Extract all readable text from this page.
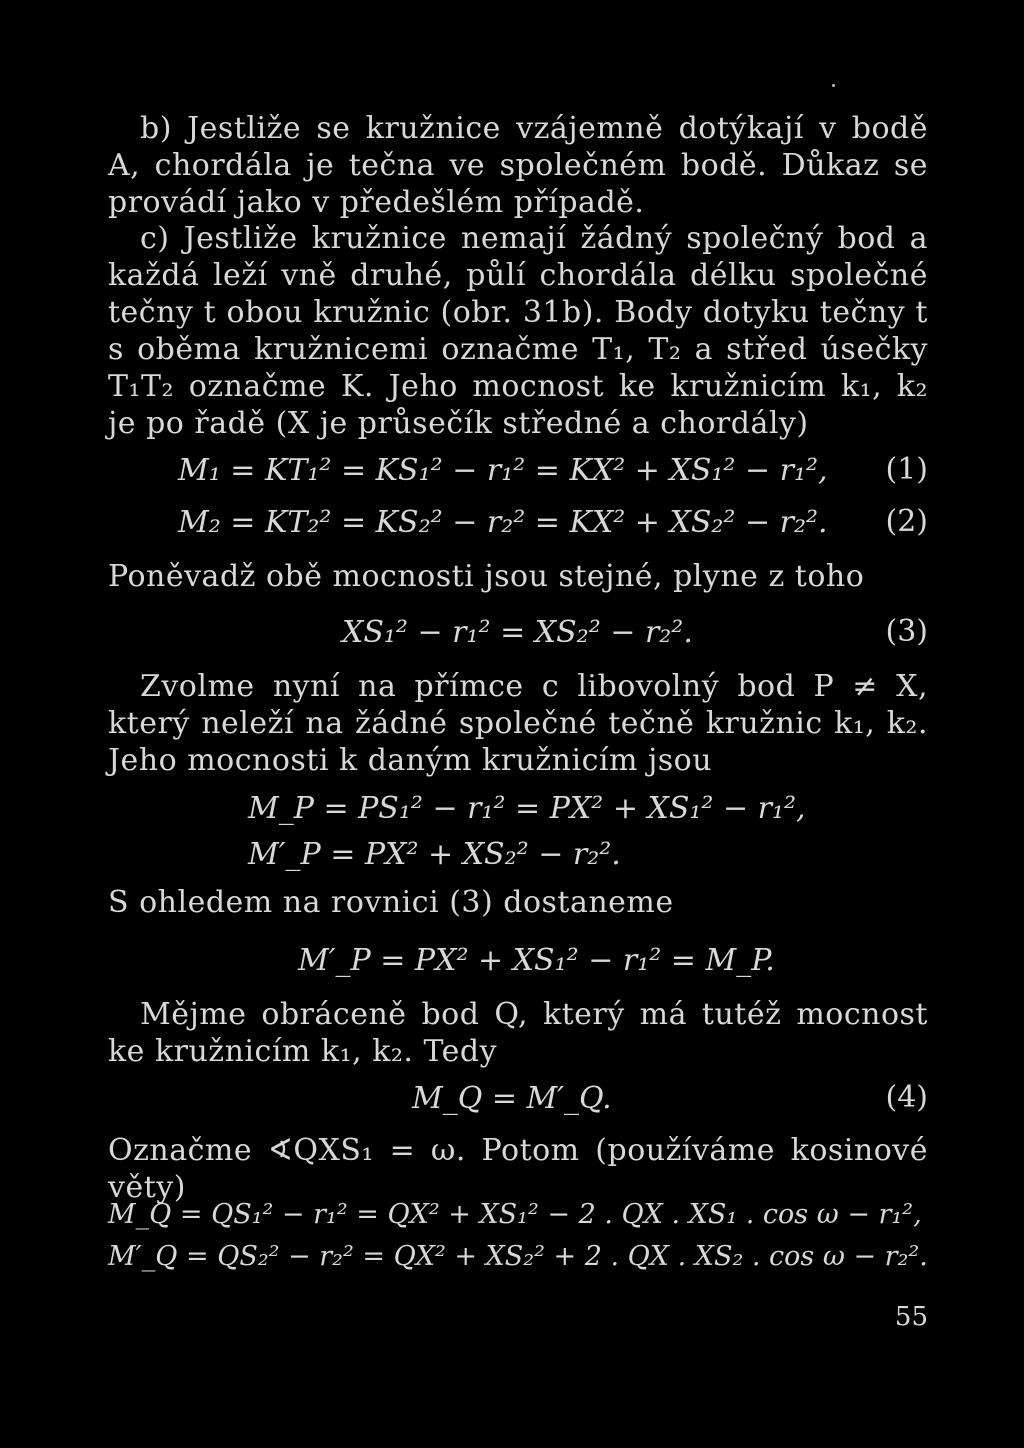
b) Jestliže se kružnice vzájemně dotýkají v bodě A, chordála je tečna ve společném bodě. Důkaz se provádí jako v předešlém případě.
c) Jestliže kružnice nemají žádný společný bod a každá leží vně druhé, půlí chordála délku společné tečny t obou kružnic (obr. 31b). Body dotyku tečny t s oběma kružnicemi označme T₁, T₂ a střed úsečky T₁T₂ označme K. Jeho mocnost ke kružnicím k₁, k₂ je po řadě (X je průsečík středné a chordály)
M₁ = KT₁² = KS₁² − r₁² = KX² + XS₁² − r₁², (1)
M₂ = KT₂² = KS₂² − r₂² = KX² + XS₂² − r₂². (2)
Poněvadž obě mocnosti jsou stejné, plyne z toho
XS₁² − r₁² = XS₂² − r₂².	(3)
Zvolme nyní na přímce c libovolný bod P ≠ X, který neleží na žádné společné tečně kružnic k₁, k₂. Jeho mocnosti k daným kružnicím jsou
M_P = PS₁² − r₁² = PX² + XS₁² − r₁²,
M′_P = PX² + XS₂² − r₂².
S ohledem na rovnici (3) dostaneme
M′_P = PX² + XS₁² − r₁² = M_P.
Mějme obráceně bod Q, který má tutéž mocnost ke kružnicím k₁, k₂. Tedy
M_Q = M′_Q.	(4)
Označme ∢QXS₁ = ω. Potom (používáme kosinové věty)
M_Q = QS₁² − r₁² = QX² + XS₁² − 2 . QX . XS₁ . cos ω − r₁²,
M′_Q = QS₂² − r₂² = QX² + XS₂² + 2 . QX . XS₂ . cos ω − r₂².
55
